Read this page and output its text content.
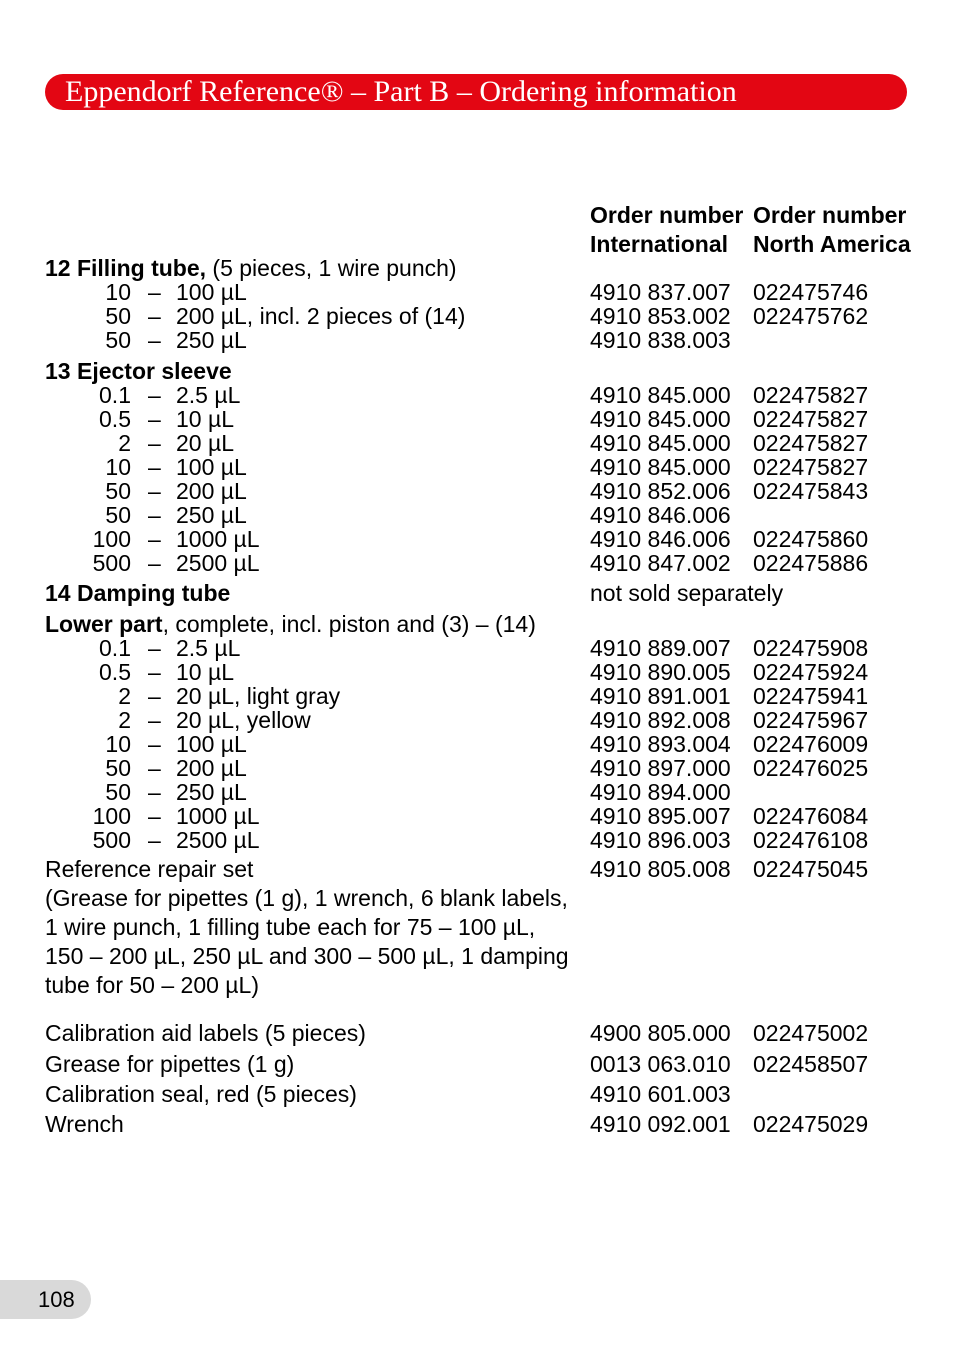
Eppendorf Reference® – Part B – Ordering information
Order number
International
Order number
North America
12 Filling tube, (5 pieces, 1 wire punch)
10 – 100 µL	4910 837.007 022475746
50 – 200 µL, incl. 2 pieces of (14)	4910 853.002 022475762
50 – 250 µL	4910 838.003
13 Ejector sleeve
0.1 – 2.5 µL	4910 845.000 022475827
0.5 – 10 µL	4910 845.000 022475827
2 – 20 µL	4910 845.000 022475827
10 – 100 µL	4910 845.000 022475827
50 – 200 µL	4910 852.006 022475843
50 – 250 µL	4910 846.006
100 – 1000 µL	4910 846.006 022475860
500 – 2500 µL	4910 847.002 022475886
14 Damping tube	not sold separately
Lower part, complete, incl. piston and (3) – (14)
0.1 – 2.5 µL	4910 889.007 022475908
0.5 – 10 µL	4910 890.005 022475924
2 – 20 µL, light gray	4910 891.001 022475941
2 – 20 µL, yellow	4910 892.008 022475967
10 – 100 µL	4910 893.004 022476009
50 – 200 µL	4910 897.000 022476025
50 – 250 µL	4910 894.000
100 – 1000 µL	4910 895.007 022476084
500 – 2500 µL	4910 896.003 022476108
Reference repair set	4910 805.008 022475045
(Grease for pipettes (1 g), 1 wrench, 6 blank labels,
1 wire punch, 1 filling tube each for 75 – 100 µL,
150 – 200 µL, 250 µL and 300 – 500 µL, 1 damping
tube for 50 – 200 µL)
Calibration aid labels (5 pieces)	4900 805.000 022475002
Grease for pipettes (1 g)	0013 063.010 022458507
Calibration seal, red (5 pieces)	4910 601.003
Wrench	4910 092.001 022475029
108
